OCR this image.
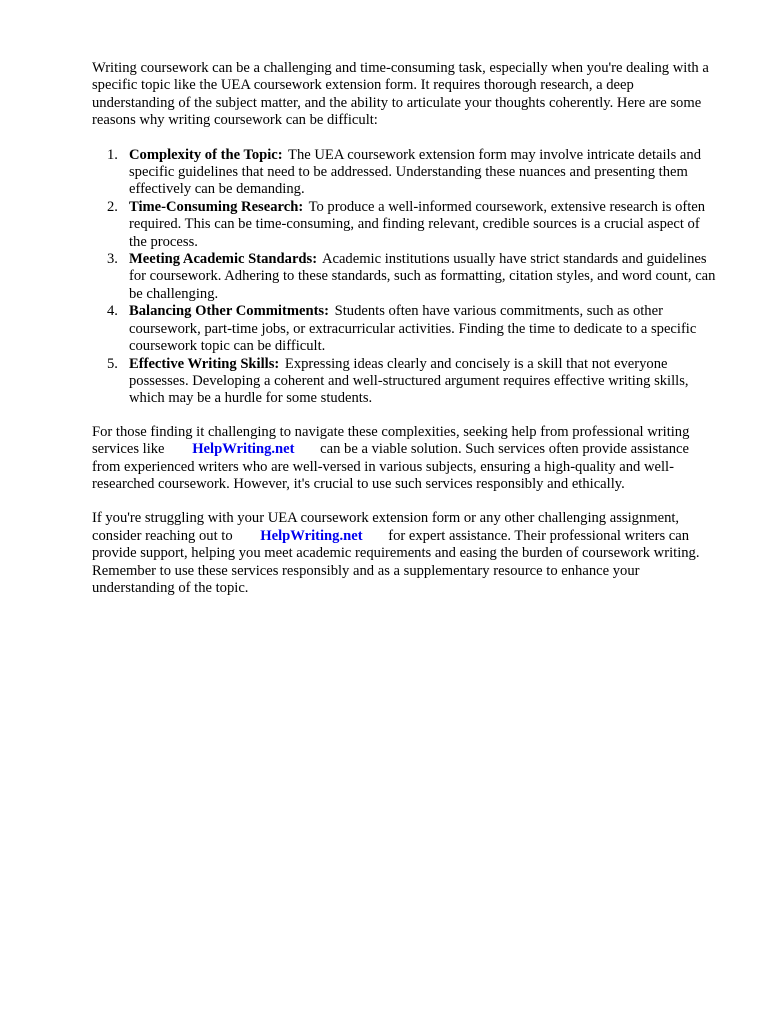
Writing coursework can be a challenging and time-consuming task, especially when you're dealing with a specific topic like the UEA coursework extension form. It requires thorough research, a deep understanding of the subject matter, and the ability to articulate your thoughts coherently. Here are some reasons why writing coursework can be difficult:

1. Complexity of the Topic: The UEA coursework extension form may involve intricate details and specific guidelines that need to be addressed. Understanding these nuances and presenting them effectively can be demanding.
2. Time-Consuming Research: To produce a well-informed coursework, extensive research is often required. This can be time-consuming, and finding relevant, credible sources is a crucial aspect of the process.
3. Meeting Academic Standards: Academic institutions usually have strict standards and guidelines for coursework. Adhering to these standards, such as formatting, citation styles, and word count, can be challenging.
4. Balancing Other Commitments: Students often have various commitments, such as other coursework, part-time jobs, or extracurricular activities. Finding the time to dedicate to a specific coursework topic can be difficult.
5. Effective Writing Skills: Expressing ideas clearly and concisely is a skill that not everyone possesses. Developing a coherent and well-structured argument requires effective writing skills, which may be a hurdle for some students.

For those finding it challenging to navigate these complexities, seeking help from professional writing services like HelpWriting.net can be a viable solution. Such services often provide assistance from experienced writers who are well-versed in various subjects, ensuring a high-quality and well-researched coursework. However, it's crucial to use such services responsibly and ethically.

If you're struggling with your UEA coursework extension form or any other challenging assignment, consider reaching out to HelpWriting.net for expert assistance. Their professional writers can provide support, helping you meet academic requirements and easing the burden of coursework writing. Remember to use these services responsibly and as a supplementary resource to enhance your understanding of the topic.
